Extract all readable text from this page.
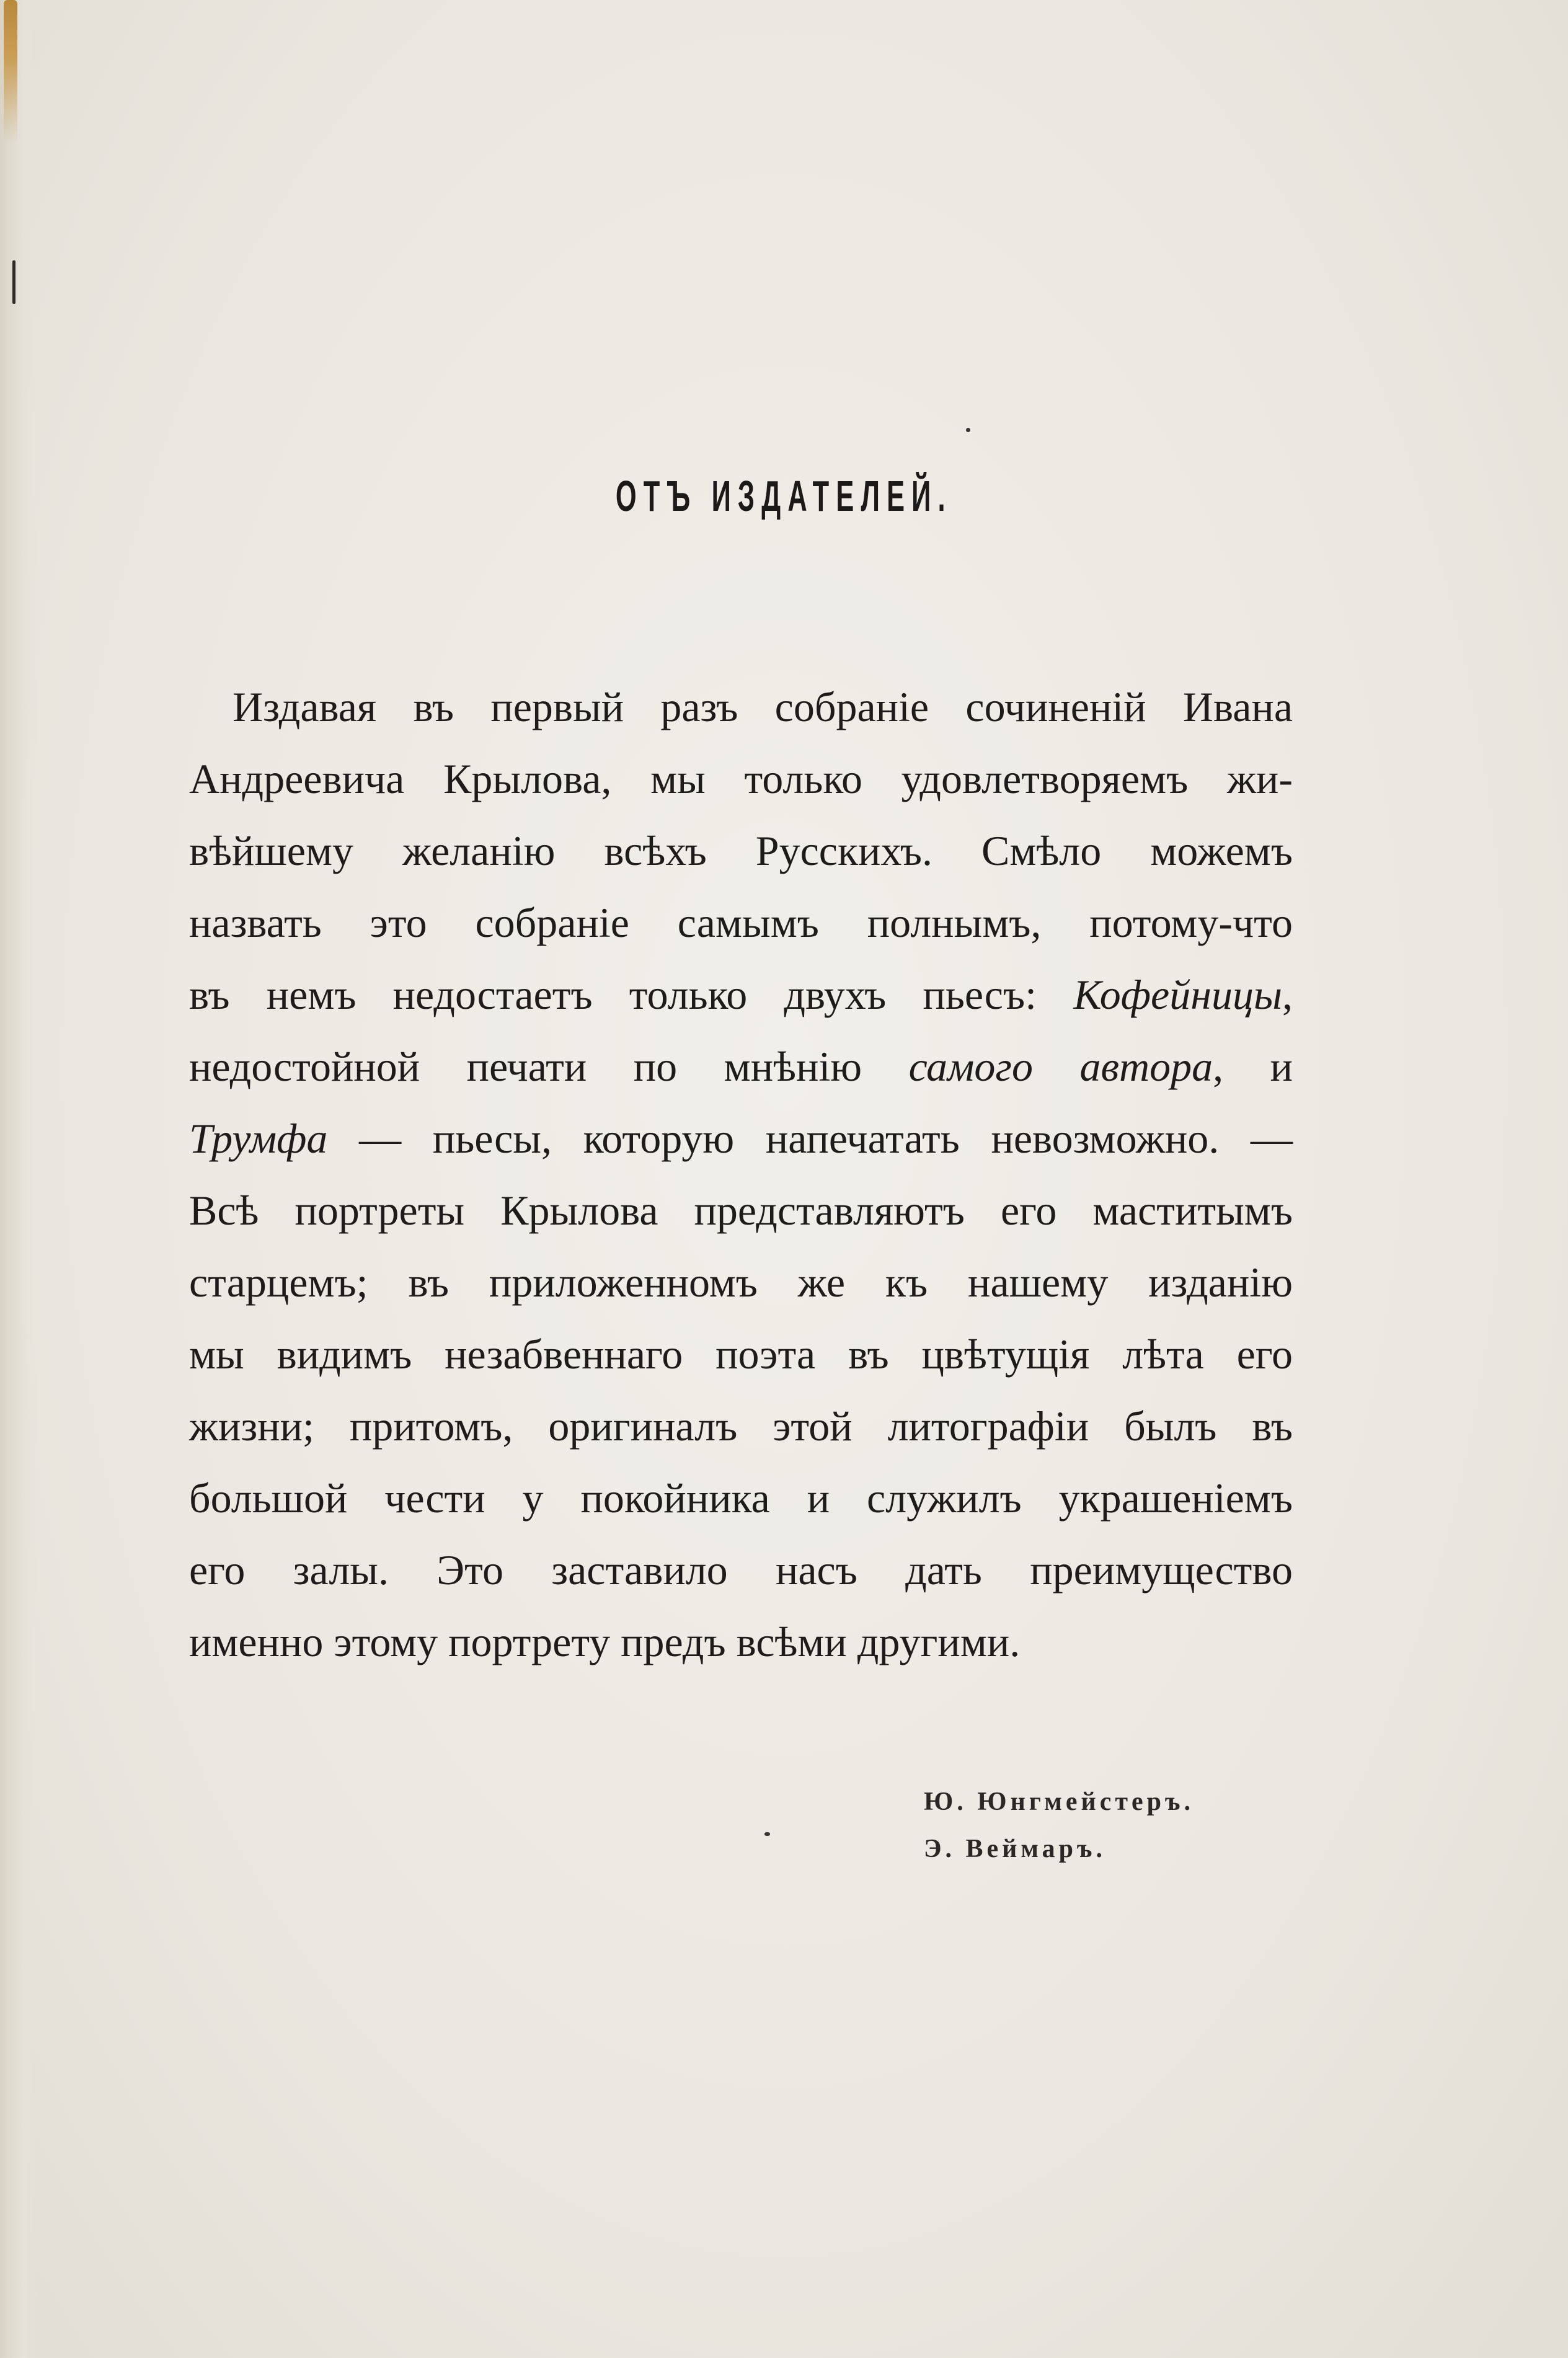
ОТЪ ИЗДАТЕЛЕЙ.
Издавая въ первый разъ собраніе сочиненій Ивана
Андреевича Крылова, мы только удовлетворяемъ жи-
вѣйшему желанію всѣхъ Русскихъ. Смѣло можемъ
назвать это собраніе самымъ полнымъ, потому-что
въ немъ недостаетъ только двухъ пьесъ: Кофейницы,
недостойной печати по мнѣнію самого автора, и
Трумфа — пьесы, которую напечатать невозможно. —
Всѣ портреты Крылова представляютъ его маститымъ
старцемъ; въ приложенномъ же къ нашему изданію
мы видимъ незабвеннаго поэта въ цвѣтущія лѣта его
жизни; притомъ, оригиналъ этой литографіи былъ въ
большой чести у покойника и служилъ украшеніемъ
его залы. Это заставило насъ дать преимущество
именно этому портрету предъ всѣми другими.
Ю. Юнгмейстеръ.
Э. Веймаръ.
